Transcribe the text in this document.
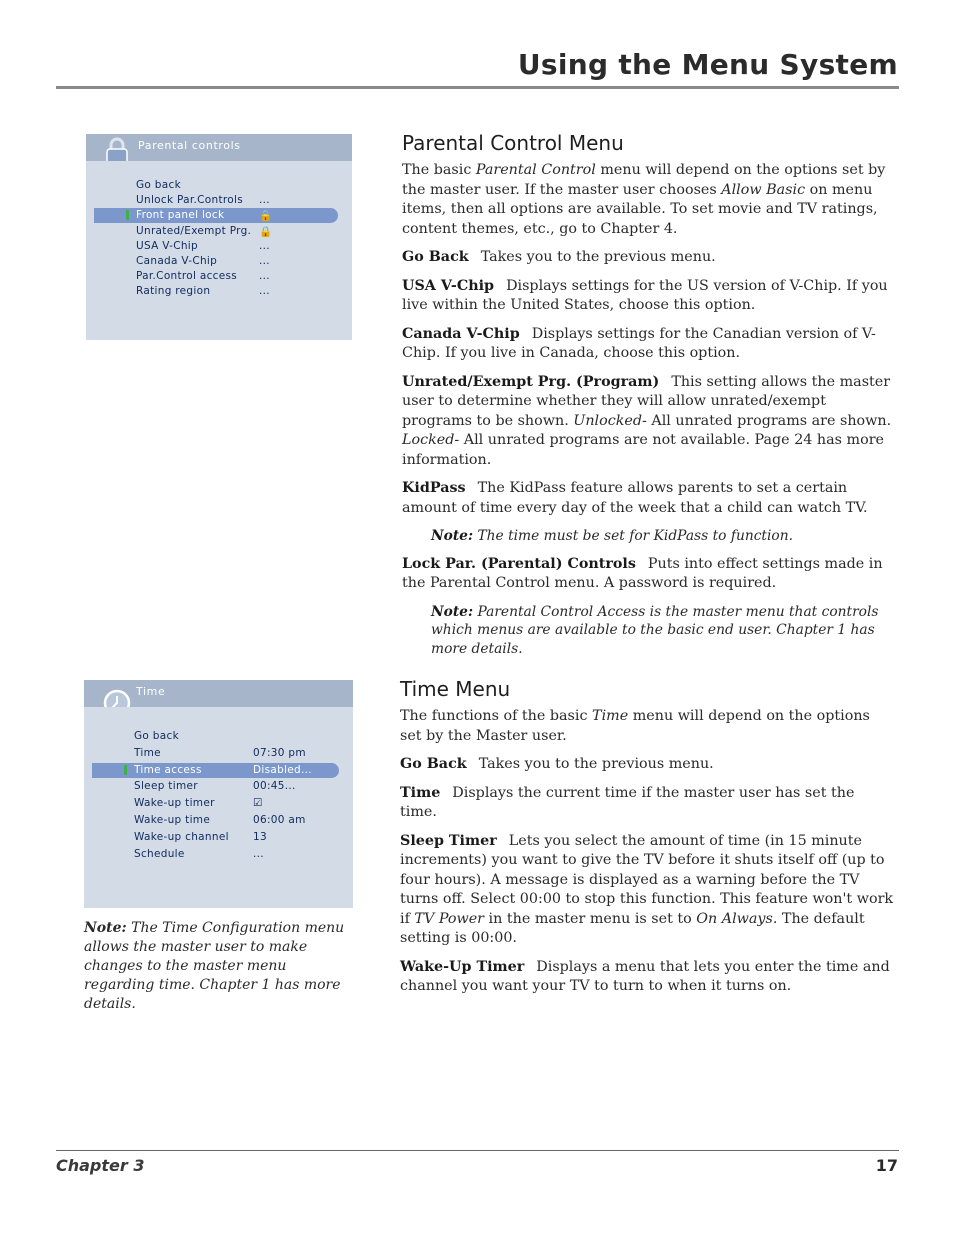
Using the Menu System
Parental controls
Go back
Unlock Par.Controls ...
Front panel lock	🔒
Unrated/Exempt Prg. 🔒
USA V-Chip	...
Canada V-Chip	...
Par.Control access ...
Rating region	...
Time
Go back
Time	07:30 pm
Time access	Disabled...
Sleep timer	00:45...
Wake-up timer	☑
Wake-up time	06:00 am
Wake-up channel 13
Schedule	...
Parental Control Menu

The basic Parental Control menu will depend on the options set by the master user. If the master user chooses Allow Basic on menu items, then all options are available. To set movie and TV ratings, content themes, etc., go to Chapter 4.

Go Back Takes you to the previous menu.

USA V-Chip Displays settings for the US version of V-Chip. If you live within the United States, choose this option.

Canada V-Chip Displays settings for the Canadian version of V-Chip. If you live in Canada, choose this option.

Unrated/Exempt Prg. (Program) This setting allows the master user to determine whether they will allow unrated/exempt programs to be shown. Unlocked- All unrated programs are shown. Locked- All unrated programs are not available. Page 24 has more information.

KidPass The KidPass feature allows parents to set a certain amount of time every day of the week that a child can watch TV.

Note: The time must be set for KidPass to function.

Lock Par. (Parental) Controls Puts into effect settings made in the Parental Control menu. A password is required.

Note: Parental Control Access is the master menu that controls which menus are available to the basic end user. Chapter 1 has more details.

Time Menu

The functions of the basic Time menu will depend on the options set by the Master user.

Go Back Takes you to the previous menu.

Time Displays the current time if the master user has set the time.

Sleep Timer Lets you select the amount of time (in 15 minute increments) you want to give the TV before it shuts itself off (up to four hours). A message is displayed as a warning before the TV turns off. Select 00:00 to stop this function. This feature won't work if TV Power in the master menu is set to On Always. The default setting is 00:00.

Wake-Up Timer Displays a menu that lets you enter the time and channel you want your TV to turn to when it turns on.

Note: The Time Configuration menu allows the master user to make changes to the master menu regarding time. Chapter 1 has more details.

Chapter 3	17
